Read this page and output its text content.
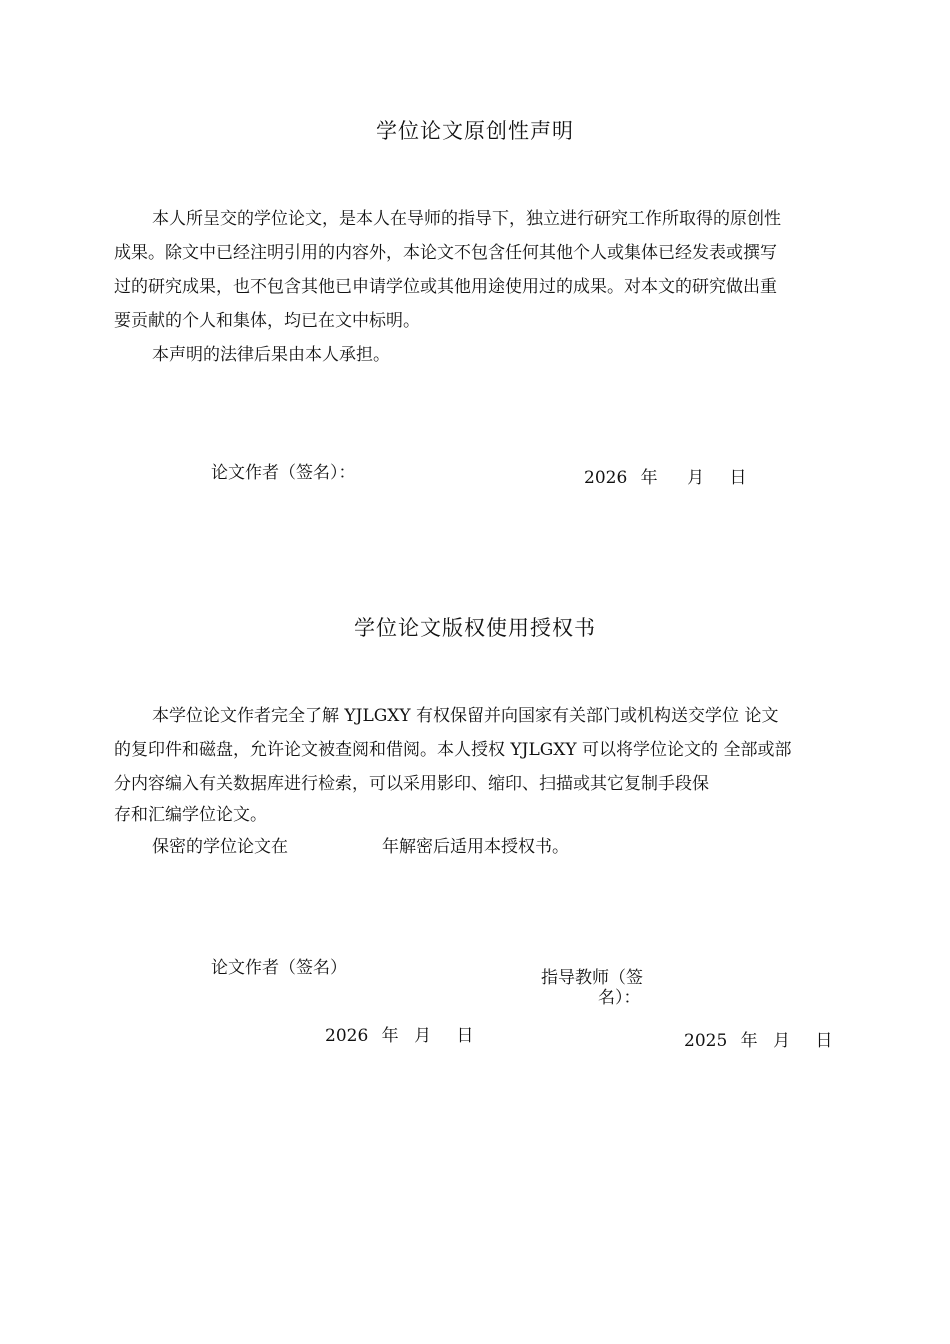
学位论文原创性声明

本人所呈交的学位论文，是本人在导师的指导下，独立进行研究工作所取得的原创性

成果。除文中已经注明引用的内容外，本论文不包含任何其他个人或集体已经发表或撰写

过的研究成果，也不包含其他已申请学位或其他用途使用过的成果。对本文的研究做出重

要贡献的个人和集体，均已在文中标明。

本声明的法律后果由本人承担。

论文作者（签名）：	2026 年 月 日
学位论文版权使用授权书

本学位论文作者完全了解 YJLGXY 有权保留并向国家有关部门或机构送交学位 论文

的复印件和磁盘，允许论文被查阅和借阅。本人授权 YJLGXY 可以将学位论文的 全部或部

分内容编入有关数据库进行检索，可以采用影印、缩印、扫描或其它复制手段保

存和汇编学位论文。

保密的学位论文在	年解密后适用本授权书。
论文作者（签名）	指导教师（签
名）：
2026 年 月 日	2025 年 月 日
